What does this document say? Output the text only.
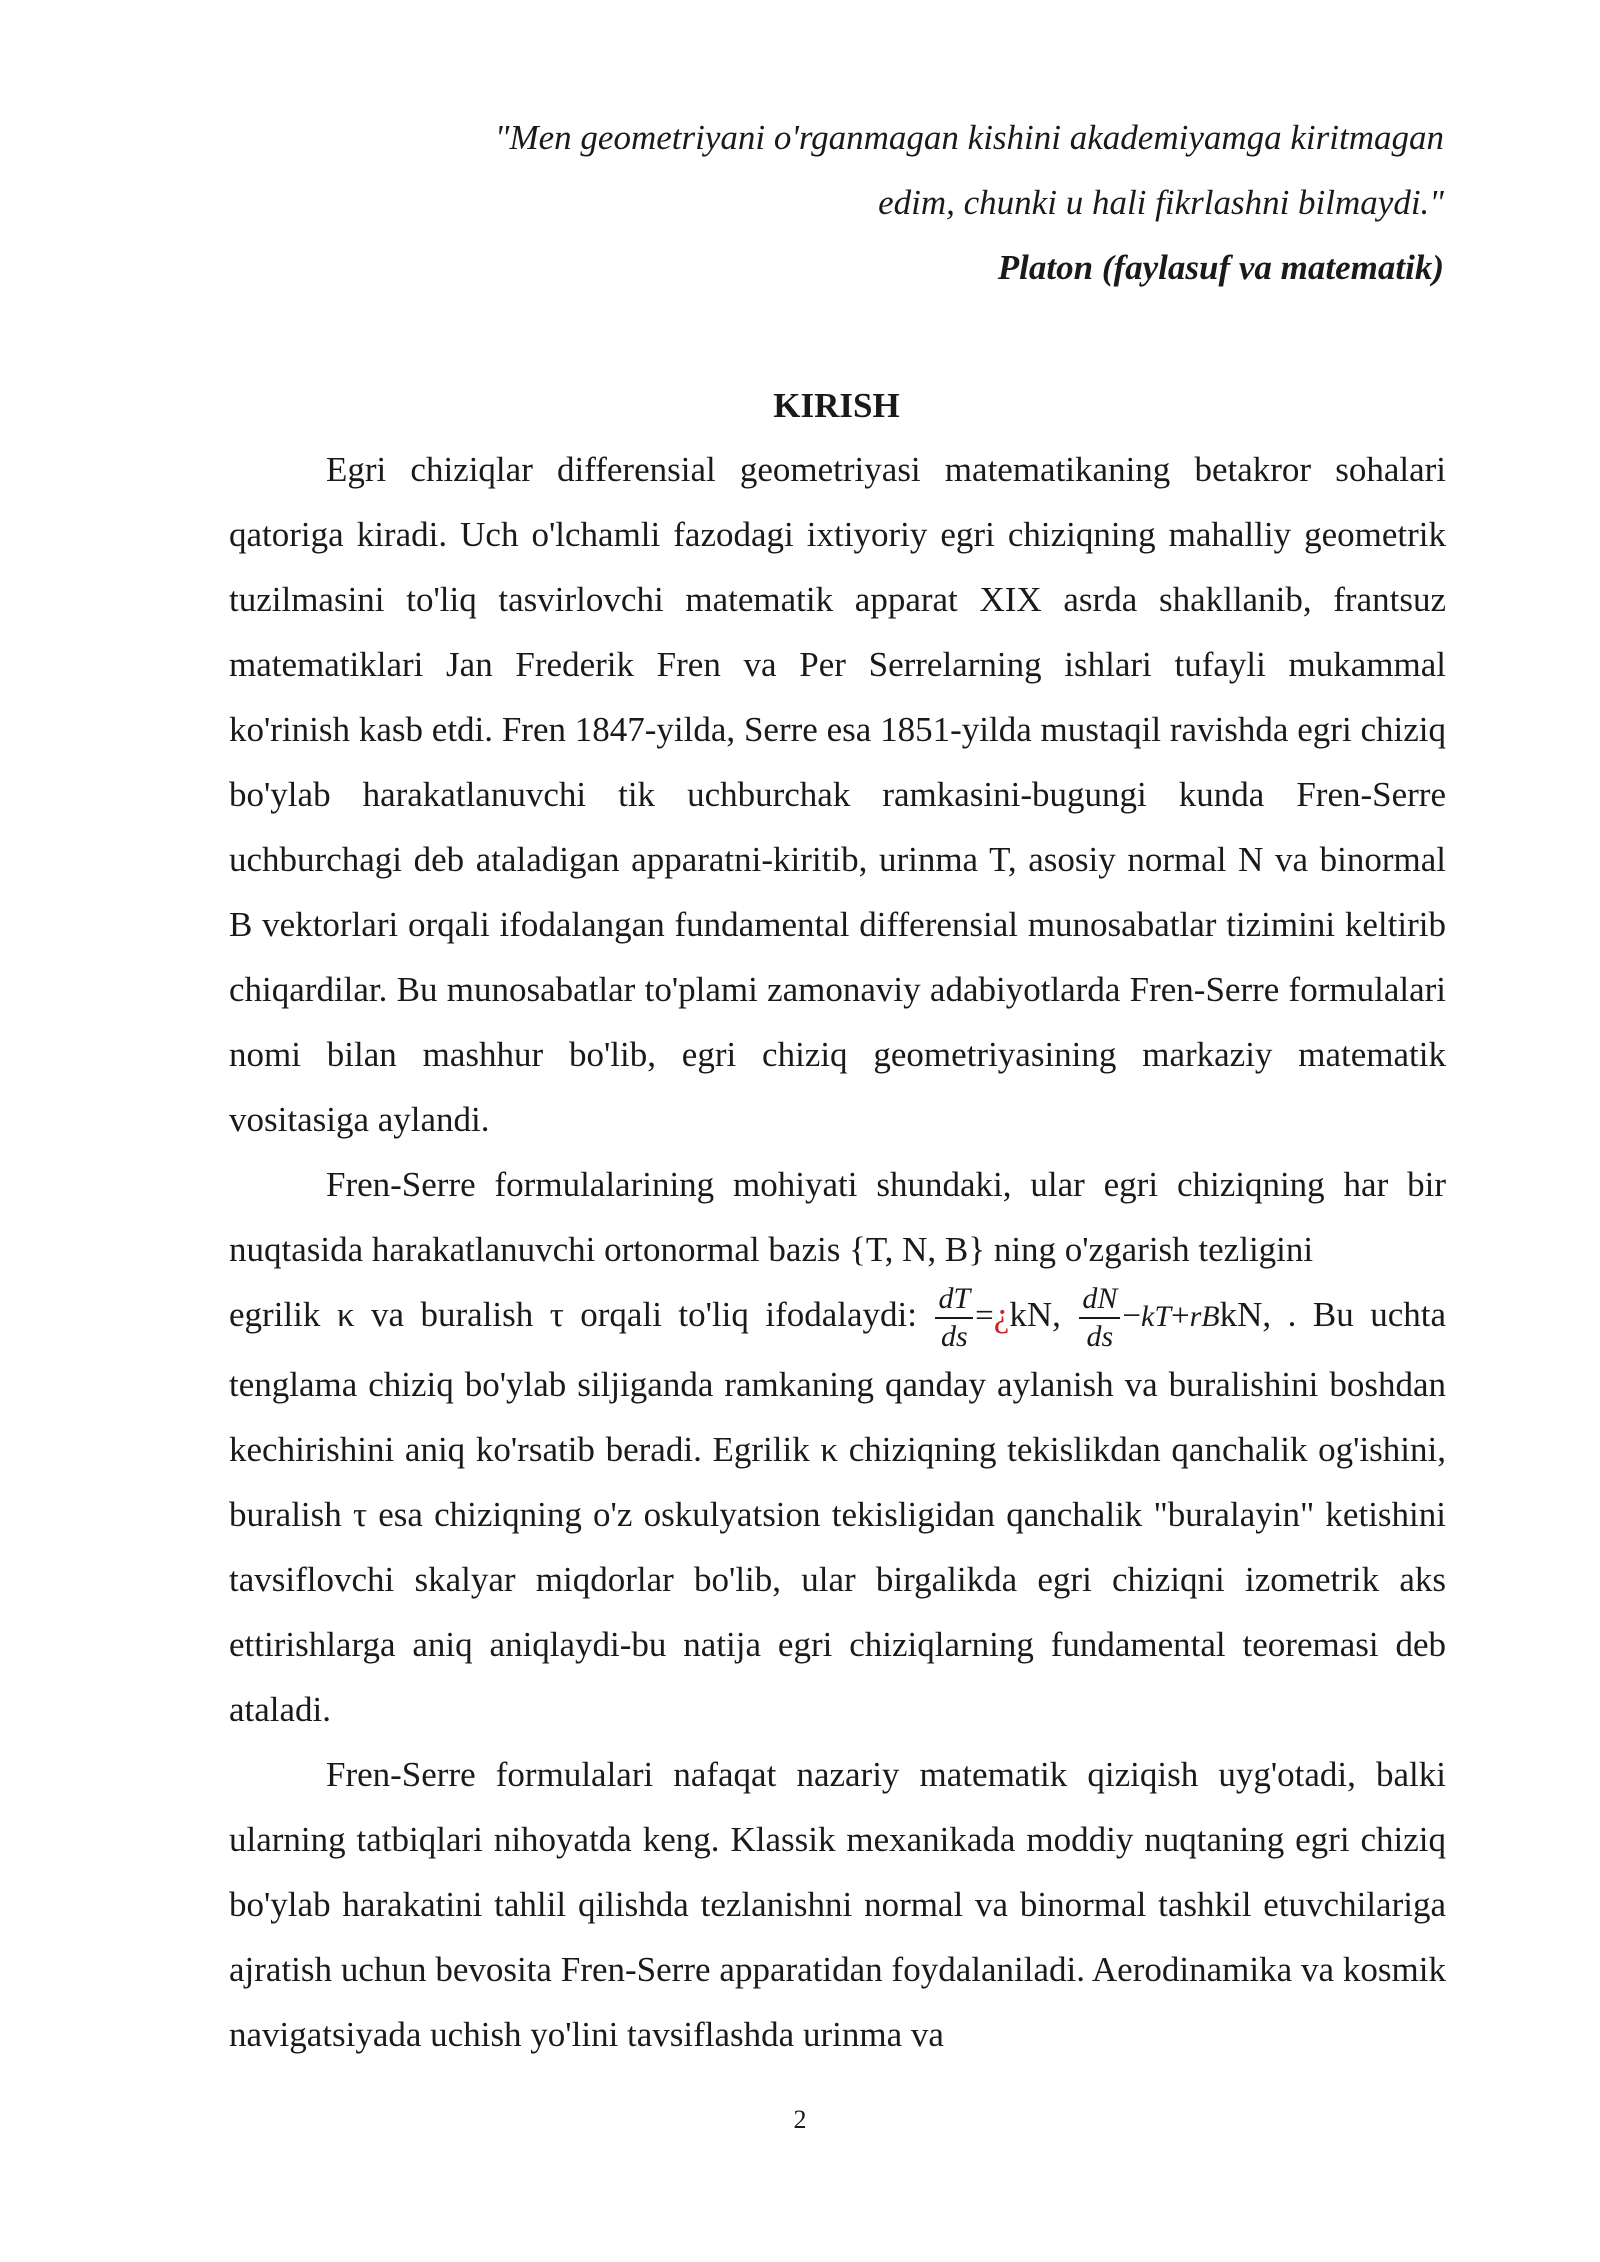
"Men geometriyani o'rganmagan kishini akademiyamga kiritmagan
edim, chunki u hali fikrlashni bilmaydi."
Platon (faylasuf va matematik)
KIRISH

Egri chiziqlar differensial geometriyasi matematikaning betakror sohalari qatoriga kiradi. Uch o'lchamli fazodagi ixtiyoriy egri chiziqning mahalliy geometrik tuzilmasini to'liq tasvirlovchi matematik apparat XIX asrda shakllanib, frantsuz matematiklari Jan Frederik Fren va Per Serrelarning ishlari tufayli mukammal ko'rinish kasb etdi. Fren 1847-yilda, Serre esa 1851-yilda mustaqil ravishda egri chiziq bo'ylab harakatlanuvchi tik uchburchak ramkasini-bugungi kunda Fren-Serre uchburchagi deb ataladigan apparatni-kiritib, urinma T, asosiy normal N va binormal B vektorlari orqali ifodalangan fundamental differensial munosabatlar tizimini keltirib chiqardilar. Bu munosabatlar to'plami zamonaviy adabiyotlarda Fren-Serre formulalari nomi bilan mashhur bo'lib, egri chiziq geometriyasining markaziy matematik vositasiga aylandi.

Fren-Serre formulalarining mohiyati shundaki, ular egri chiziqning har bir nuqtasida harakatlanuvchi ortonormal bazis {T, N, B} ning o'zgarish tezligini
egrilik κ va buralish τ orqali to'liq ifodalaydi: $\frac{dT}{ds}$ =¿kN, $\frac{dN}{ds}$ −kT+rBkN, . Bu uchta
tenglama chiziq bo'ylab siljiganda ramkaning qanday aylanish va buralishini boshdan kechirishini aniq ko'rsatib beradi. Egrilik κ chiziqning tekislikdan qanchalik og'ishini, buralish τ esa chiziqning o'z oskulyatsion tekisligidan qanchalik "buralayin" ketishini tavsiflovchi skalyar miqdorlar bo'lib, ular birgalikda egri chiziqni izometrik aks ettirishlarga aniq aniqlaydi-bu natija egri chiziqlarning fundamental teoremasi deb ataladi.

Fren-Serre formulalari nafaqat nazariy matematik qiziqish uyg'otadi, balki ularning tatbiqlari nihoyatda keng. Klassik mexanikada moddiy nuqtaning egri chiziq bo'ylab harakatini tahlil qilishda tezlanishni normal va binormal tashkil etuvchilariga ajratish uchun bevosita Fren-Serre apparatidan foydalaniladi. Aerodinamika va kosmik navigatsiyada uchish yo'lini tavsiflashda urinma va

2
